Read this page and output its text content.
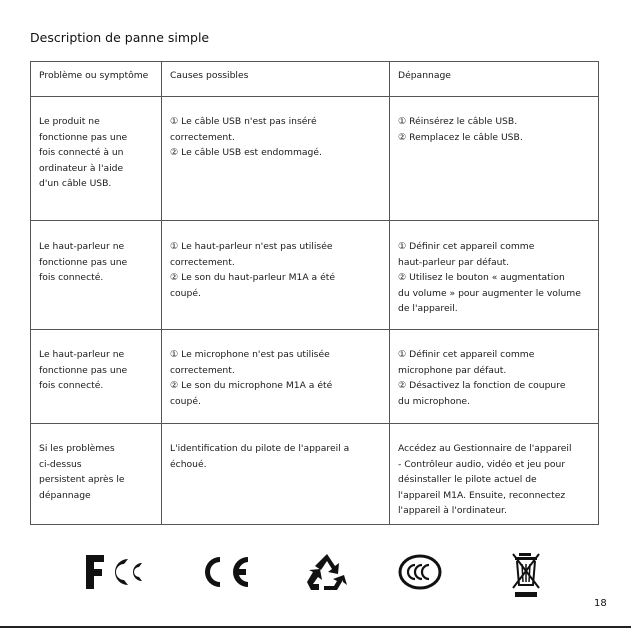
Description de panne simple
Problème ou symptôme	Causes possibles	Dépannage

Le produit ne
fonctionne pas une
fois connecté à un
ordinateur à l'aide
d'un câble USB.	① Le câble USB n'est pas inséré
correctement.
② Le câble USB est endommagé.	① Réinsérez le câble USB.
② Remplacez le câble USB.

Le haut-parleur ne
fonctionne pas une
fois connecté.	① Le haut-parleur n'est pas utilisée
correctement.
② Le son du haut-parleur M1A a été
coupé.	① Définir cet appareil comme
haut-parleur par défaut.
② Utilisez le bouton « augmentation
du volume » pour augmenter le volume
de l'appareil.

Le haut-parleur ne
fonctionne pas une
fois connecté.	① Le microphone n'est pas utilisée
correctement.
② Le son du microphone M1A a été
coupé.	① Définir cet appareil comme
microphone par défaut.
② Désactivez la fonction de coupure
du microphone.

Si les problèmes
ci-dessus
persistent après le
dépannage	L'identification du pilote de l'appareil a
échoué.	Accédez au Gestionnaire de l'appareil
- Contrôleur audio, vidéo et jeu pour
désinstaller le pilote actuel de
l'appareil M1A. Ensuite, reconnectez
l'appareil à l'ordinateur.
18
